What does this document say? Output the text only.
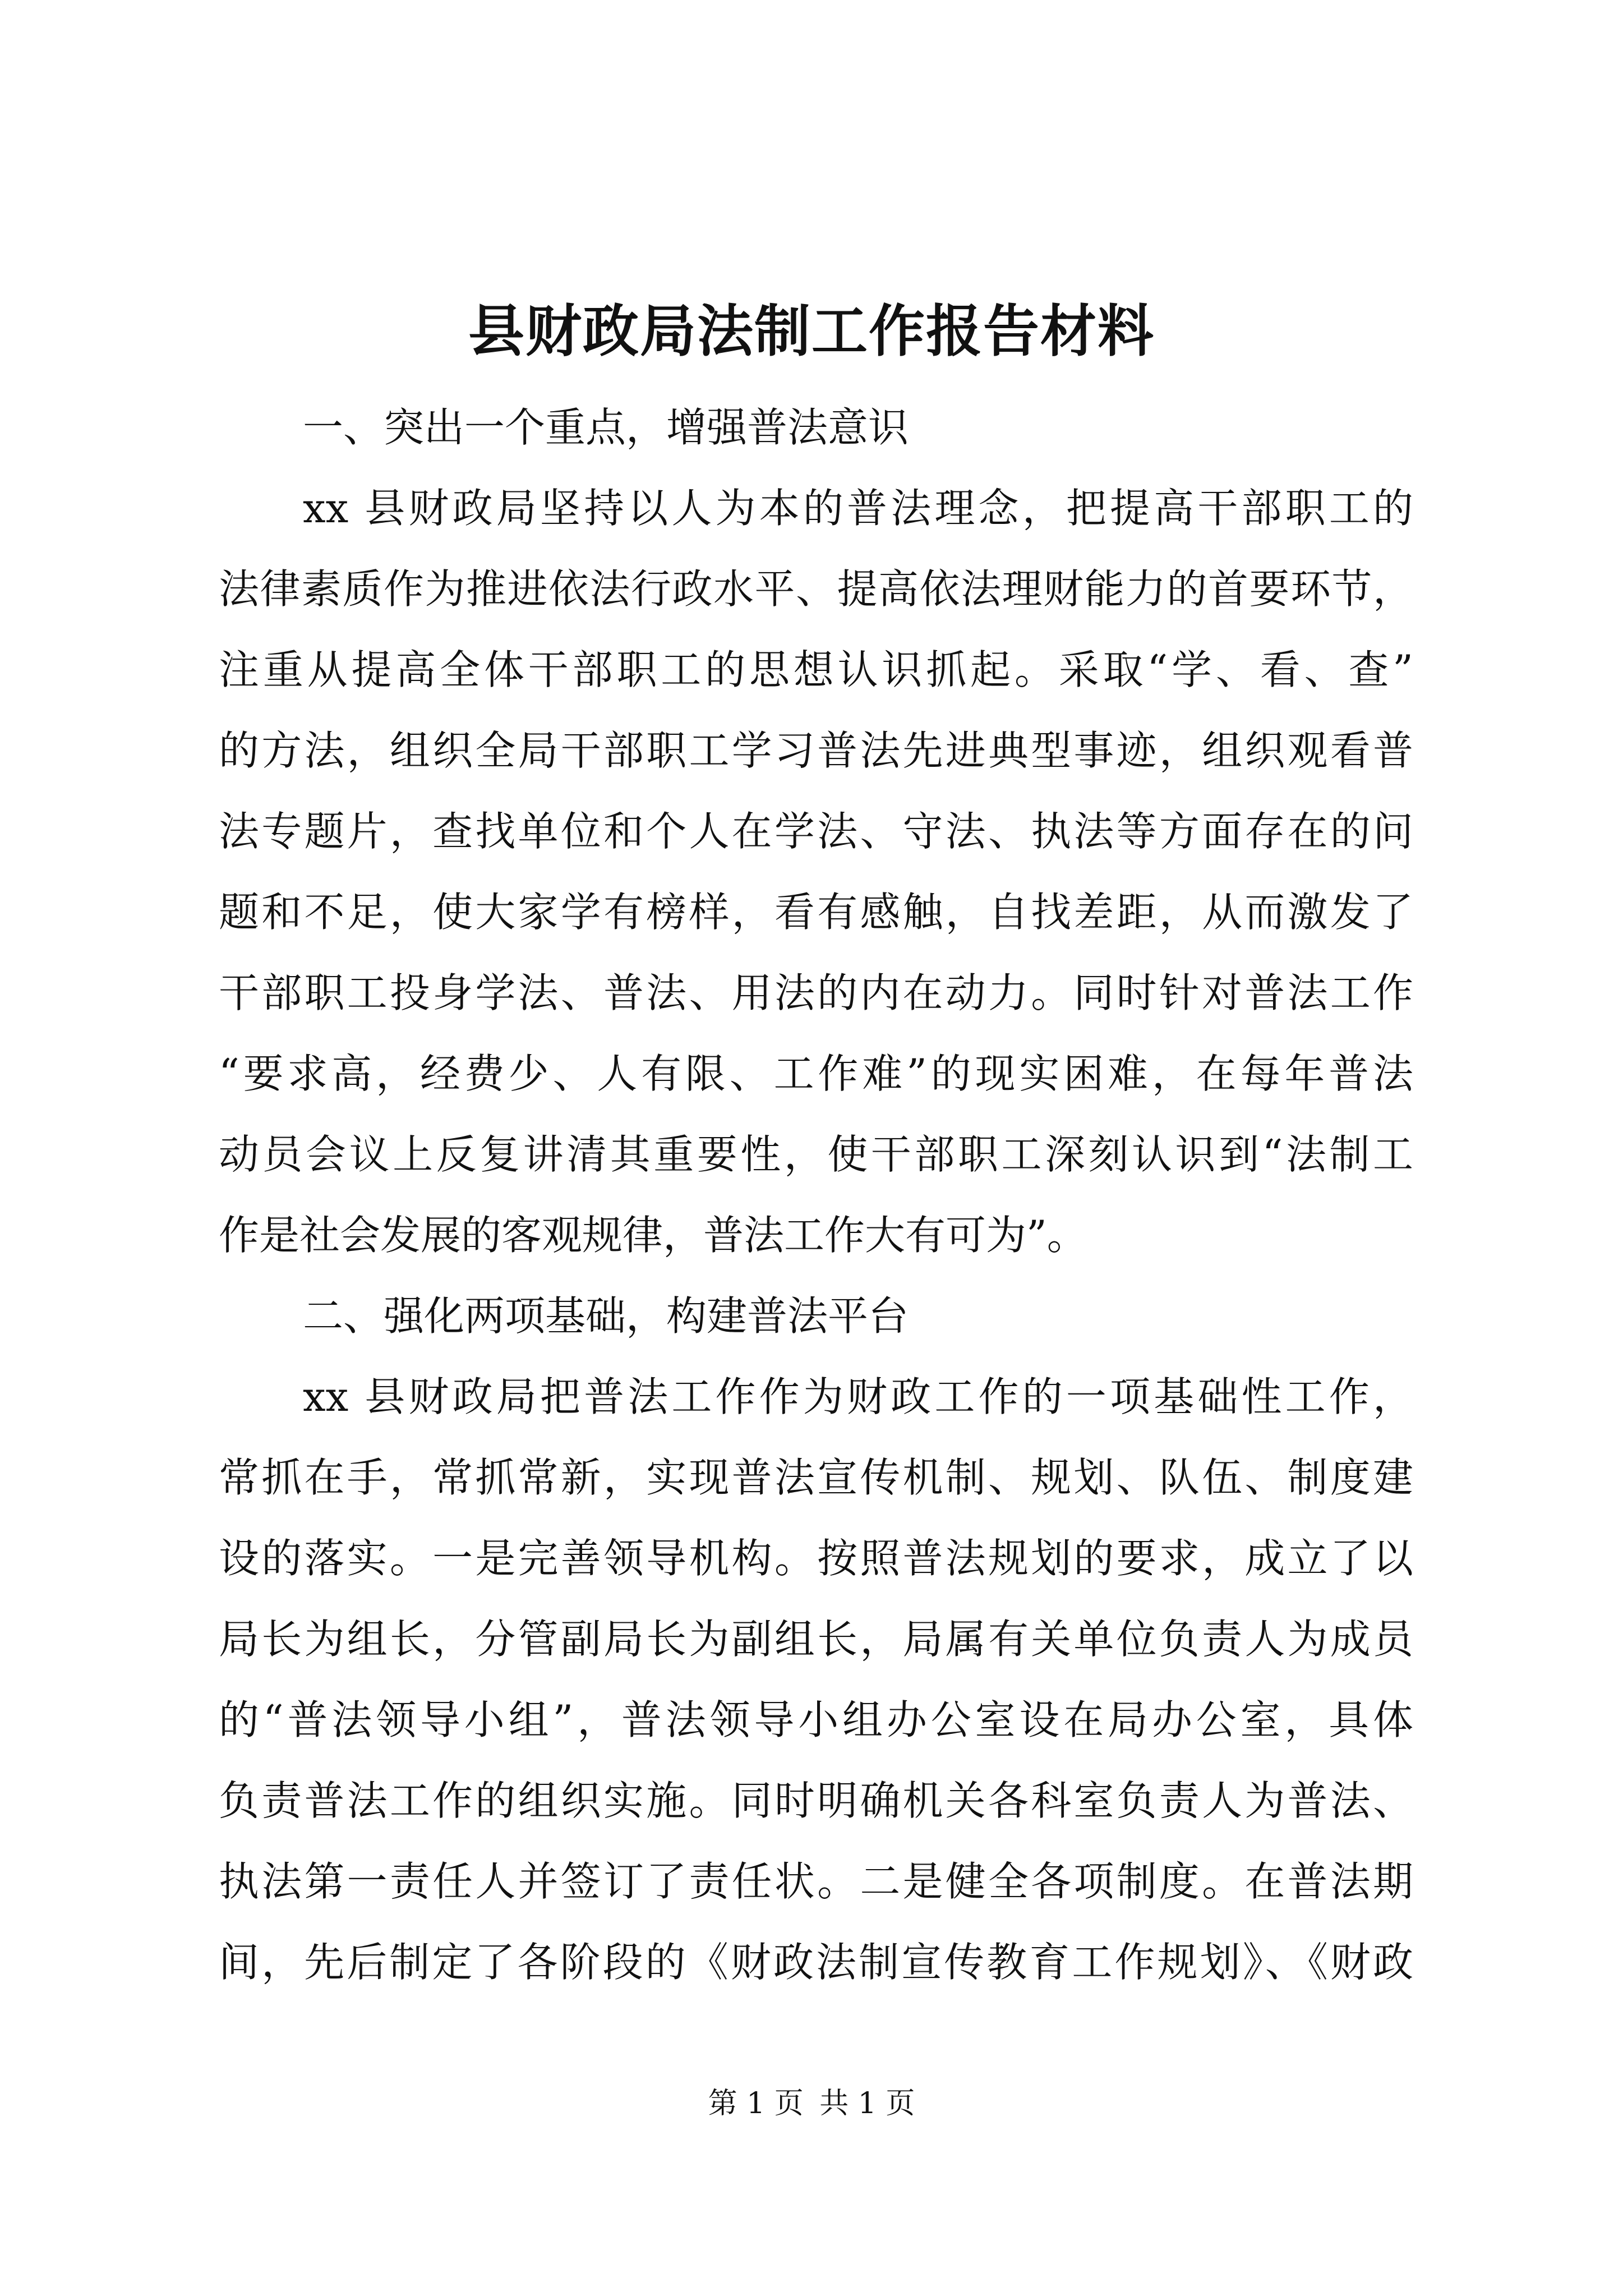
县财政局法制工作报告材料
一、突出一个重点，增强普法意识
xx 县财政局坚持以人为本的普法理念，把提高干部职工的
法律素质作为推进依法行政水平、提高依法理财能力的首要环节，
注重从提高全体干部职工的思想认识抓起。采取“学、看、查”
的方法，组织全局干部职工学习普法先进典型事迹，组织观看普
法专题片，查找单位和个人在学法、守法、执法等方面存在的问
题和不足，使大家学有榜样，看有感触，自找差距，从而激发了
干部职工投身学法、普法、用法的内在动力。同时针对普法工作
“要求高，经费少、人有限、工作难”的现实困难，在每年普法
动员会议上反复讲清其重要性，使干部职工深刻认识到“法制工
作是社会发展的客观规律，普法工作大有可为”。
二、强化两项基础，构建普法平台
xx 县财政局把普法工作作为财政工作的一项基础性工作，
常抓在手，常抓常新，实现普法宣传机制、规划、队伍、制度建
设的落实。一是完善领导机构。按照普法规划的要求，成立了以
局长为组长，分管副局长为副组长，局属有关单位负责人为成员
的“普法领导小组”，普法领导小组办公室设在局办公室，具体
负责普法工作的组织实施。同时明确机关各科室负责人为普法、
执法第一责任人并签订了责任状。二是健全各项制度。在普法期
间，先后制定了各阶段的《财政法制宣传教育工作规划》、《财政
第 1 页 共 1 页
